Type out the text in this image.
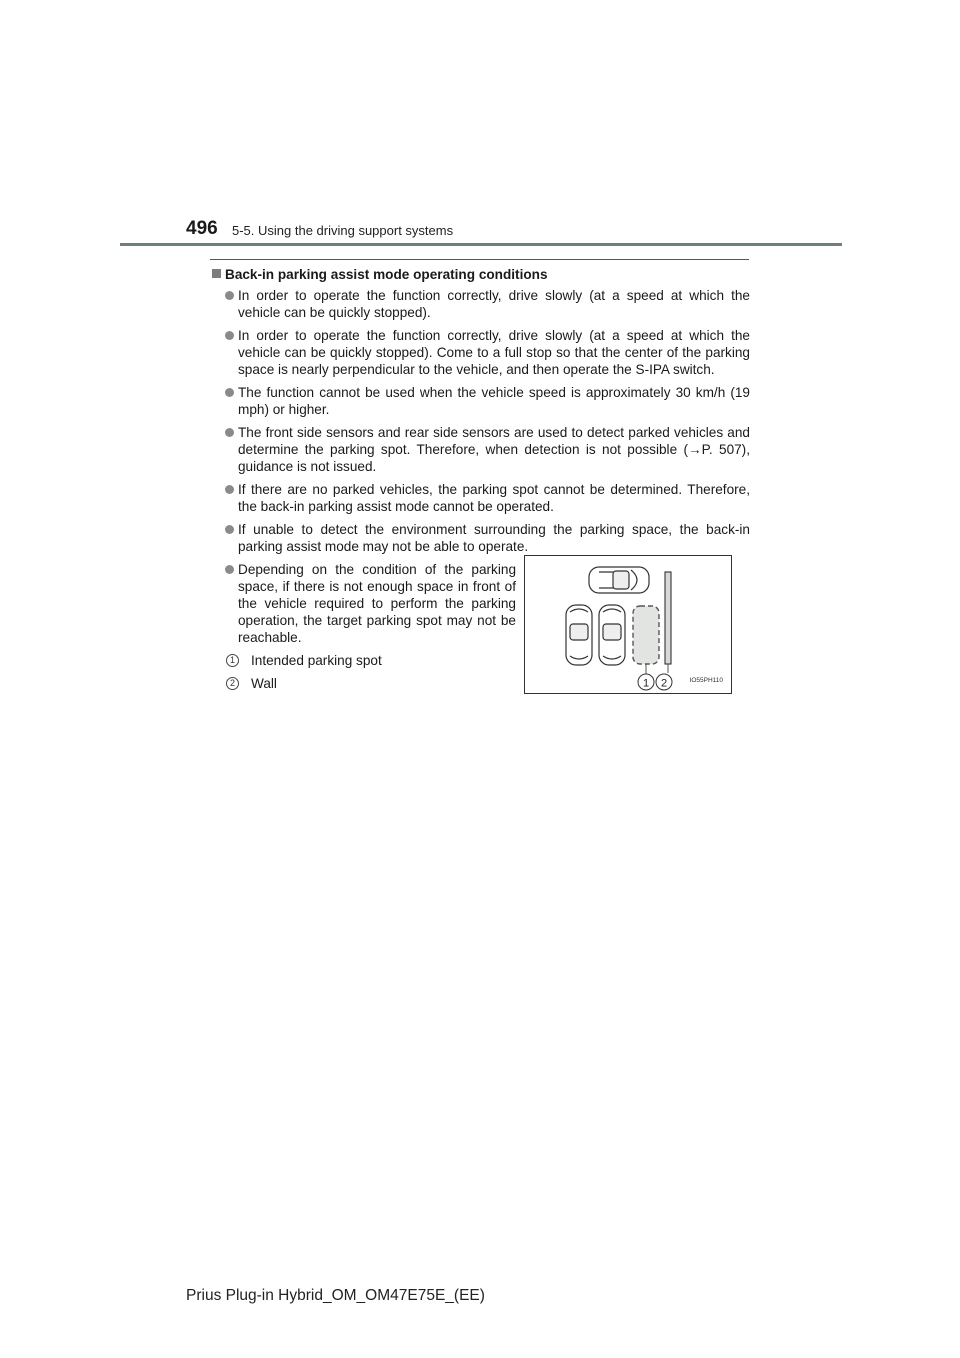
496 5-5. Using the driving support systems
Back-in parking assist mode operating conditions
In order to operate the function correctly, drive slowly (at a speed at which the vehicle can be quickly stopped).
In order to operate the function correctly, drive slowly (at a speed at which the vehicle can be quickly stopped). Come to a full stop so that the center of the parking space is nearly perpendicular to the vehicle, and then operate the S-IPA switch.
The function cannot be used when the vehicle speed is approximately 30 km/h (19 mph) or higher.
The front side sensors and rear side sensors are used to detect parked vehicles and determine the parking spot. Therefore, when detection is not possible (→P. 507), guidance is not issued.
If there are no parked vehicles, the parking spot cannot be determined. Therefore, the back-in parking assist mode cannot be operated.
If unable to detect the environment surrounding the parking space, the back-in parking assist mode may not be able to operate.
Depending on the condition of the parking space, if there is not enough space in front of the vehicle required to perform the parking operation, the target parking spot may not be reachable.
1 Intended parking spot
2 Wall	1 2	IO55PH110
Prius Plug-in Hybrid_OM_OM47E75E_(EE)
